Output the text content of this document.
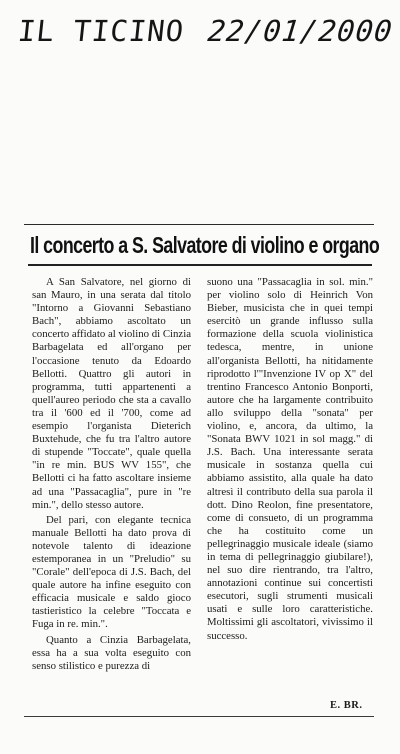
IL TICINO 22/01/2000
Il concerto a S. Salvatore di violino e organo

A San Salvatore, nel giorno di san Mauro, in una serata dal titolo "Intorno a Giovanni Sebastiano Bach", abbiamo ascoltato un concerto affidato al violino di Cinzia Barbagelata ed all'organo per l'occasione tenuto da Edoardo Bellotti. Quattro gli autori in programma, tutti appartenenti a quell'aureo periodo che sta a cavallo tra il '600 ed il '700, come ad esempio l'organista Dieterich Buxtehude, che fu tra l'altro autore di stupende "Toccate", quale quella "in re min. BUS WV 155", che Bellotti ci ha fatto ascoltare insieme ad una "Passacaglia", pure in "re min.", dello stesso autore.

Del pari, con elegante tecnica manuale Bellotti ha dato prova di notevole talento di ideazione estemporanea in un "Preludio" su "Corale" dell'epoca di J.S. Bach, del quale autore ha infine eseguito con efficacia musicale e saldo gioco tastieristico la celebre "Toccata e Fuga in re. min.".

Quanto a Cinzia Barbagelata, essa ha a sua volta eseguito con senso stilistico e purezza di

suono una "Passacaglia in sol. min." per violino solo di Heinrich Von Bieber, musicista che in quei tempi esercitò un grande influsso sulla formazione della scuola violinistica tedesca, mentre, in unione all'organista Bellotti, ha nitidamente riprodotto l'"Invenzione IV op X" del trentino Francesco Antonio Bonporti, autore che ha largamente contribuito allo sviluppo della "sonata" per violino, e, ancora, da ultimo, la "Sonata BWV 1021 in sol magg." di J.S. Bach. Una interessante serata musicale in sostanza quella cui abbiamo assistito, alla quale ha dato altresì il contributo della sua parola il dott. Dino Reolon, fine presentatore, come di consueto, di un programma che ha costituito come un pellegrinaggio musicale ideale (siamo in tema di pellegrinaggio giubilare!), nel suo dire rientrando, tra l'altro, annotazioni continue sui concertisti esecutori, sugli strumenti musicali usati e sulle loro caratteristiche. Moltissimi gli ascoltatori, vivissimo il successo.

E. BR.
